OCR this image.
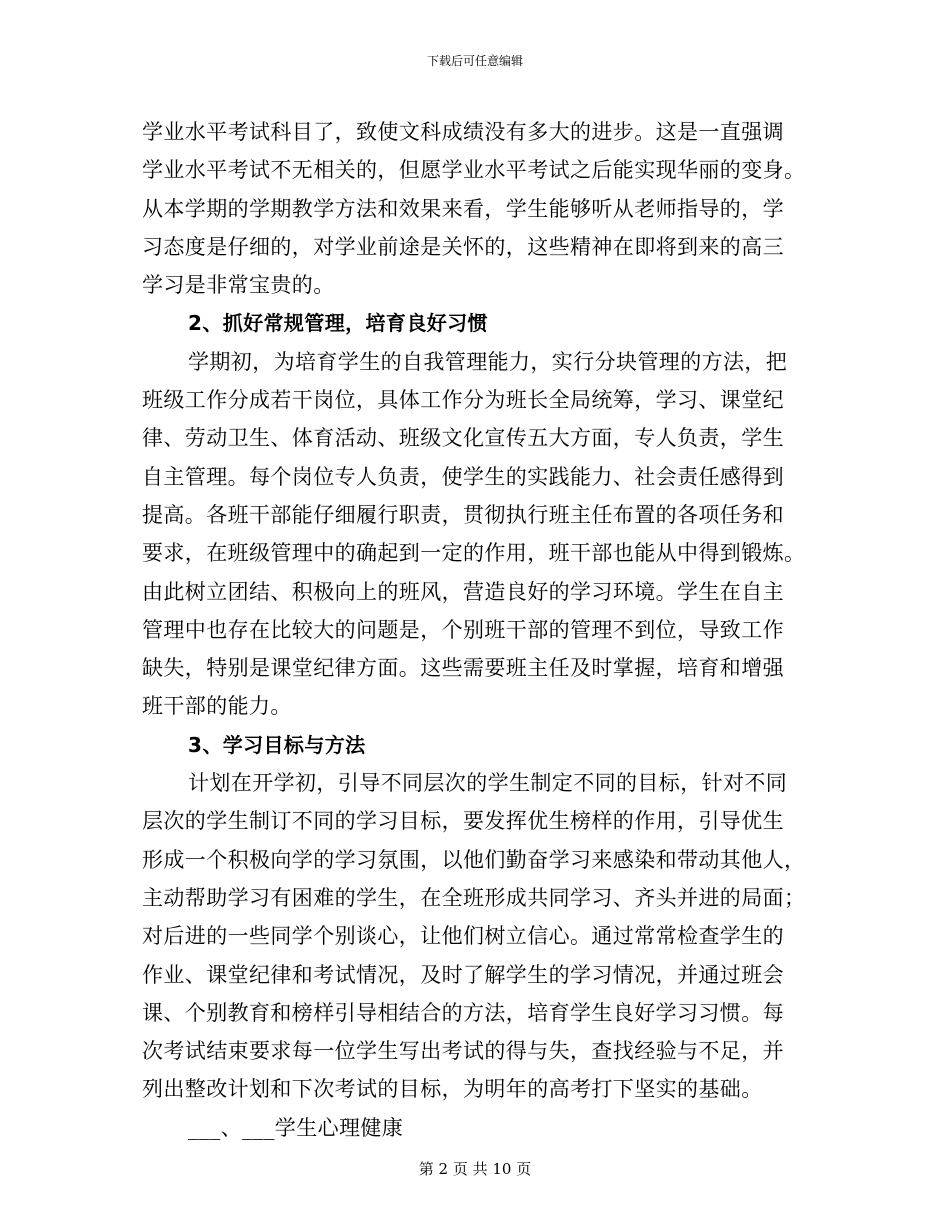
下载后可任意编辑
学业水平考试科目了，致使文科成绩没有多大的进步。这是一直强调
学业水平考试不无相关的，但愿学业水平考试之后能实现华丽的变身。
从本学期的学期教学方法和效果来看，学生能够听从老师指导的，学
习态度是仔细的，对学业前途是关怀的，这些精神在即将到来的高三
学习是非常宝贵的。
2、抓好常规管理，培育良好习惯
学期初，为培育学生的自我管理能力，实行分块管理的方法，把
班级工作分成若干岗位，具体工作分为班长全局统筹，学习、课堂纪
律、劳动卫生、体育活动、班级文化宣传五大方面，专人负责，学生
自主管理。每个岗位专人负责，使学生的实践能力、社会责任感得到
提高。各班干部能仔细履行职责，贯彻执行班主任布置的各项任务和
要求，在班级管理中的确起到一定的作用，班干部也能从中得到锻炼。
由此树立团结、积极向上的班风，营造良好的学习环境。学生在自主
管理中也存在比较大的问题是，个别班干部的管理不到位，导致工作
缺失，特别是课堂纪律方面。这些需要班主任及时掌握，培育和增强
班干部的能力。
3、学习目标与方法
计划在开学初，引导不同层次的学生制定不同的目标，针对不同
层次的学生制订不同的学习目标，要发挥优生榜样的作用，引导优生
形成一个积极向学的学习氛围，以他们勤奋学习来感染和带动其他人，
主动帮助学习有困难的学生，在全班形成共同学习、齐头并进的局面；
对后进的一些同学个别谈心，让他们树立信心。通过常常检查学生的
作业、课堂纪律和考试情况，及时了解学生的学习情况，并通过班会
课、个别教育和榜样引导相结合的方法，培育学生良好学习习惯。每
次考试结束要求每一位学生写出考试的得与失，查找经验与不足，并
列出整改计划和下次考试的目标，为明年的高考打下坚实的基础。
___、___学生心理健康
第 2 页 共 10 页
